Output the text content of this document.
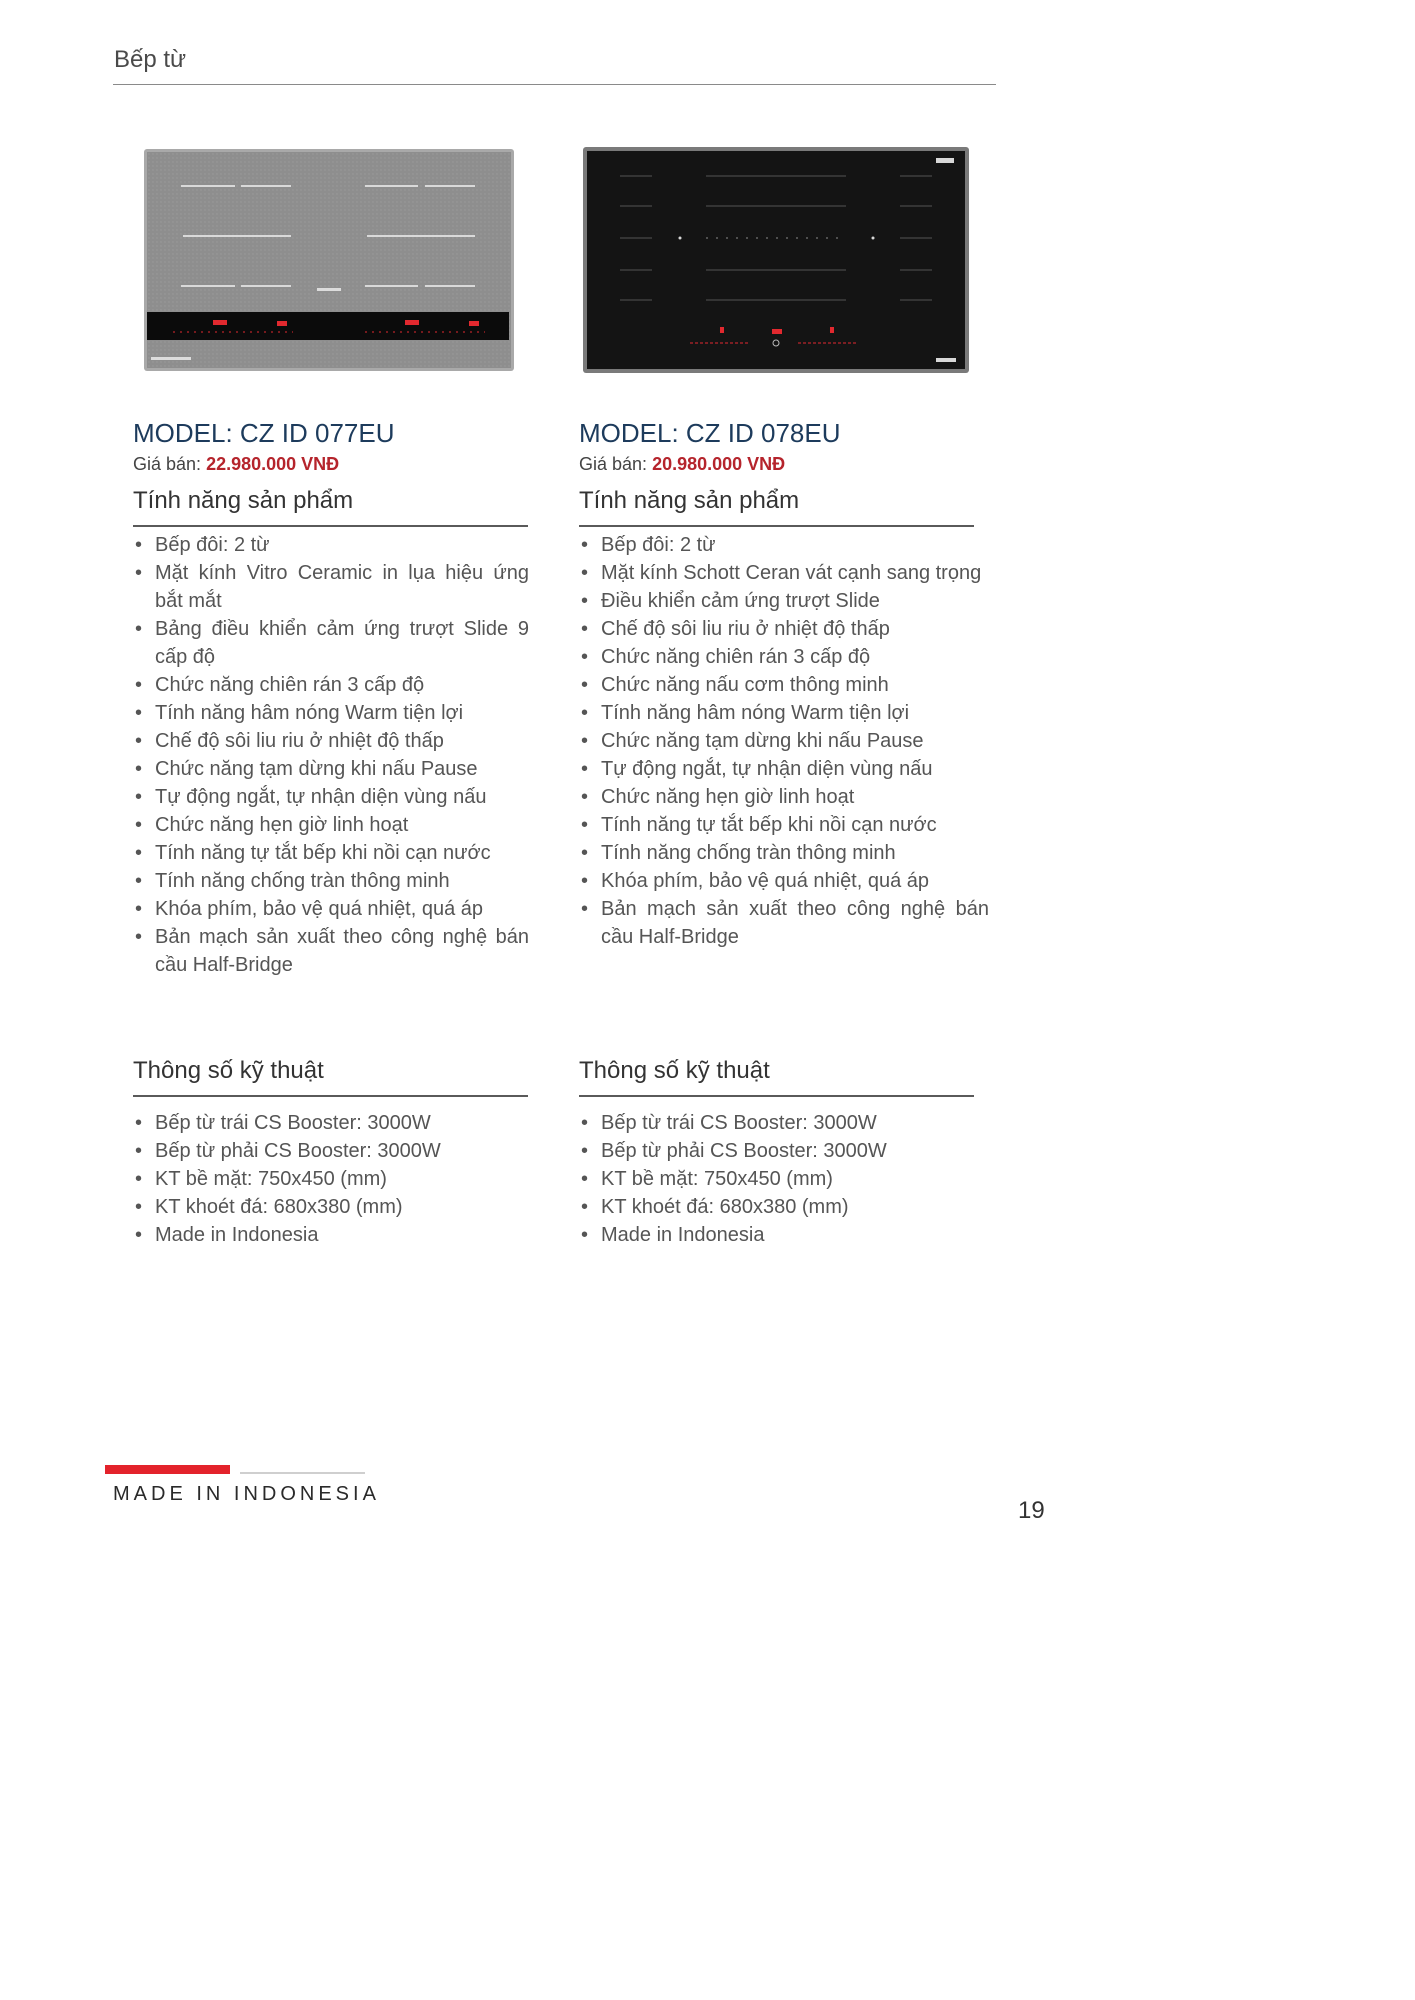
Bếp từ
MODEL: CZ ID 077EU
Giá bán: 22.980.000 VNĐ
Tính năng sản phẩm
• Bếp đôi: 2 từ
• Mặt kính Vitro Ceramic in lụa hiệu ứng bắt mắt
• Bảng điều khiển cảm ứng trượt Slide 9 cấp độ
• Chức năng chiên rán 3 cấp độ
• Tính năng hâm nóng Warm tiện lợi
• Chế độ sôi liu riu ở nhiệt độ thấp
• Chức năng tạm dừng khi nấu Pause
• Tự động ngắt, tự nhận diện vùng nấu
• Chức năng hẹn giờ linh hoạt
• Tính năng tự tắt bếp khi nồi cạn nước
• Tính năng chống tràn thông minh
• Khóa phím, bảo vệ quá nhiệt, quá áp
• Bản mạch sản xuất theo công nghệ bán cầu Half-Bridge
Thông số kỹ thuật
• Bếp từ trái CS Booster: 3000W
• Bếp từ phải CS Booster: 3000W
• KT bề mặt: 750x450 (mm)
• KT khoét đá: 680x380 (mm)
• Made in Indonesia
MODEL: CZ ID 078EU
Giá bán: 20.980.000 VNĐ
Tính năng sản phẩm
• Bếp đôi: 2 từ
• Mặt kính Schott Ceran vát cạnh sang trọng
• Điều khiển cảm ứng trượt Slide
• Chế độ sôi liu riu ở nhiệt độ thấp
• Chức năng chiên rán 3 cấp độ
• Chức năng nấu cơm thông minh
• Tính năng hâm nóng Warm tiện lợi
• Chức năng tạm dừng khi nấu Pause
• Tự động ngắt, tự nhận diện vùng nấu
• Chức năng hẹn giờ linh hoạt
• Tính năng tự tắt bếp khi nồi cạn nước
• Tính năng chống tràn thông minh
• Khóa phím, bảo vệ quá nhiệt, quá áp
• Bản mạch sản xuất theo công nghệ bán cầu Half-Bridge
Thông số kỹ thuật
• Bếp từ trái CS Booster: 3000W
• Bếp từ phải CS Booster: 3000W
• KT bề mặt: 750x450 (mm)
• KT khoét đá: 680x380 (mm)
• Made in Indonesia
MADE IN INDONESIA
19
